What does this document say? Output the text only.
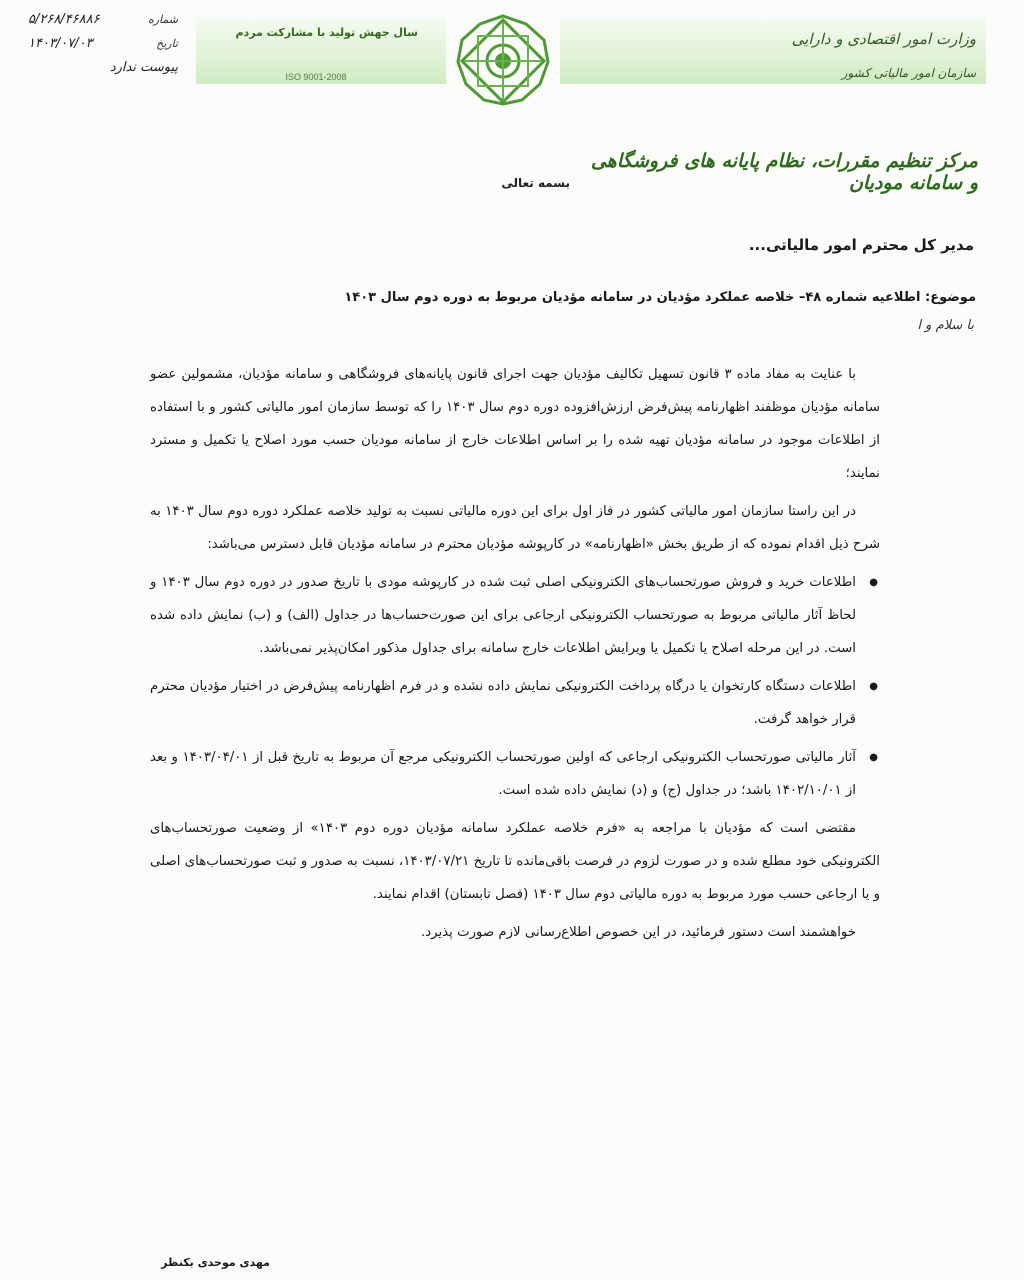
وزارت امور اقتصادی و دارایی
سازمان امور مالیاتی کشور
سال جهش تولید با مشارکت مردم
ISO 9001-2008
شماره
۵/۲۶۸/۴۶۸۸۶
تاریخ
۱۴۰۳/۰۷/۰۳
پیوست ندارد
مرکز تنظیم مقررات، نظام پایانه های فروشگاهی و سامانه مودیان
بسمه تعالی
مدیر کل محترم امور مالیاتی...
موضوع: اطلاعیه شماره ۴۸– خلاصه عملکرد مؤدیان در سامانه مؤدیان مربوط به دوره دوم سال ۱۴۰۳
با سلام و ا

با عنایت به مفاد ماده ۳ قانون تسهیل تکالیف مؤدیان جهت اجرای قانون پایانه‌های فروشگاهی و سامانه مؤدیان، مشمولین عضو سامانه مؤدیان موظفند اظهارنامه پیش‌فرض ارزش‌افزوده دوره دوم سال ۱۴۰۳ را که توسط سازمان امور مالیاتی کشور و با استفاده از اطلاعات موجود در سامانه مؤدیان تهیه شده را بر اساس اطلاعات خارج از سامانه مودیان حسب مورد اصلاح یا تکمیل و مسترد نمایند؛

در این راستا سازمان امور مالیاتی کشور در فاز اول برای این دوره مالیاتی نسبت به تولید خلاصه عملکرد دوره دوم سال ۱۴۰۳ به شرح ذیل اقدام نموده که از طریق بخش «اظهارنامه» در کارپوشه مؤدیان محترم در سامانه مؤدیان قابل دسترس می‌باشد:

● اطلاعات خرید و فروش صورتحساب‌های الکترونیکی اصلی ثبت شده در کارپوشه مودی با تاریخ صدور در دوره دوم سال ۱۴۰۳ و لحاظ آثار مالیاتی مربوط به صورتحساب الکترونیکی ارجاعی برای این صورت‌حساب‌ها در جداول (الف) و (ب) نمایش داده شده است. در این مرحله اصلاح یا تکمیل یا ویرایش اطلاعات خارج سامانه برای جداول مذکور امکان‌پذیر نمی‌باشد.

● اطلاعات دستگاه کارتخوان یا درگاه پرداخت الکترونیکی نمایش داده نشده و در فرم اظهارنامه پیش‌فرض در اختیار مؤدیان محترم قرار خواهد گرفت.

● آثار مالیاتی صورتحساب الکترونیکی ارجاعی که اولین صورتحساب الکترونیکی مرجع آن مربوط به تاریخ قبل از ۱۴۰۳/۰۴/۰۱ و بعد از ۱۴۰۲/۱۰/۰۱ باشد؛ در جداول (ج) و (د) نمایش داده شده است.

مقتضی است که مؤدیان با مراجعه به «فرم خلاصه عملکرد سامانه مؤدیان دوره دوم ۱۴۰۳» از وضعیت صورتحساب‌های الکترونیکی خود مطلع شده و در صورت لزوم در فرصت باقی‌مانده تا تاریخ ۱۴۰۳/۰۷/۲۱، نسبت به صدور و ثبت صورتحساب‌های اصلی و یا ارجاعی حسب مورد مربوط به دوره مالیاتی دوم سال ۱۴۰۳ (فصل تابستان) اقدام نمایند.

خواهشمند است دستور فرمائید، در این خصوص اطلاع‌رسانی لازم صورت پذیرد.

مهدی موحدی بکنظر
